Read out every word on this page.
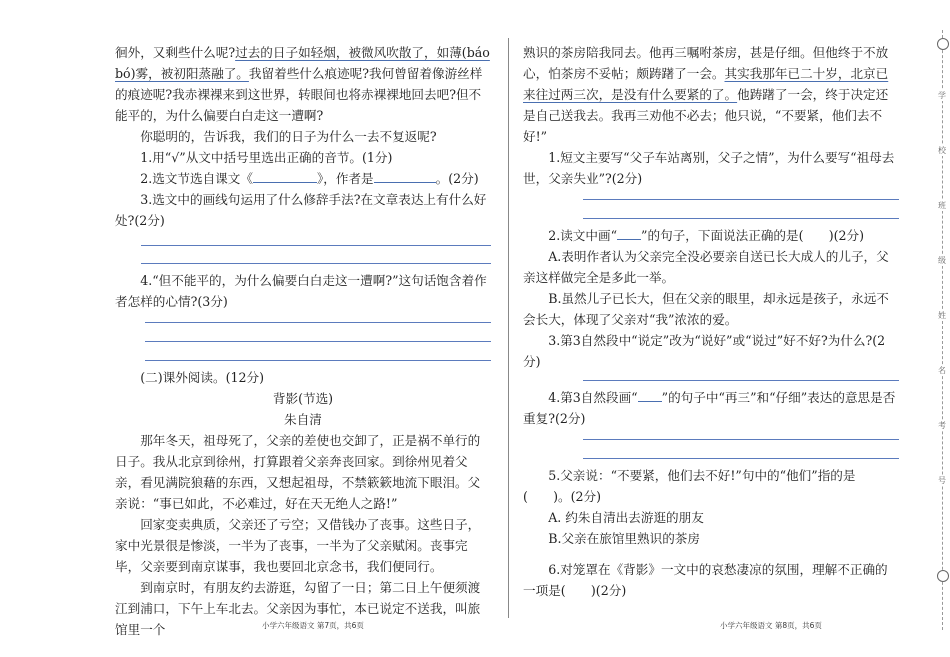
徊外，又剩些什么呢?过去的日子如轻烟，被微风吹散了，如薄(báo bó)雾，被初阳蒸融了。我留着些什么痕迹呢?我何曾留着像游丝样的痕迹呢?我赤裸裸来到这世界，转眼间也将赤裸裸地回去吧?但不能平的，为什么偏要白白走这一遭啊?

你聪明的，告诉我，我们的日子为什么一去不复返呢?

1.用“√”从文中括号里选出正确的音节。(1分)

2.选文节选自课文《	》，作者是	。(2分)

3.选文中的画线句运用了什么修辞手法?在文章表达上有什么好处?(2分)

4.“但不能平的，为什么偏要白白走这一遭啊?”这句话饱含着作者怎样的心情?(3分)

(二)课外阅读。(12分)

背影(节选)

朱自清

那年冬天，祖母死了，父亲的差使也交卸了，正是祸不单行的日子。我从北京到徐州，打算跟着父亲奔丧回家。到徐州见着父亲，看见满院狼藉的东西，又想起祖母，不禁簌簌地流下眼泪。父亲说：“事已如此，不必难过，好在天无绝人之路!”

回家变卖典质，父亲还了亏空；又借钱办了丧事。这些日子，家中光景很是惨淡，一半为了丧事，一半为了父亲赋闲。丧事完毕，父亲要到南京谋事，我也要回北京念书，我们便同行。

到南京时，有朋友约去游逛，勾留了一日；第二日上午便须渡江到浦口，下午上车北去。父亲因为事忙，本已说定不送我，叫旅馆里一个

熟识的茶房陪我同去。他再三嘱咐茶房，甚是仔细。但他终于不放心，怕茶房不妥帖；颇踌躇了一会。其实我那年已二十岁，北京已来往过两三次，是没有什么要紧的了。他踌躇了一会，终于决定还是自己送我去。我再三劝他不必去；他只说，“不要紧，他们去不好!”

1.短文主要写“父子车站离别，父子之情”，为什么要写“祖母去世，父亲失业”?(2分)

2.读文中画“ ”的句子，下面说法正确的是(　　)(2分)

A.表明作者认为父亲完全没必要亲自送已长大成人的儿子，父亲这样做完全是多此一举。

B.虽然儿子已长大，但在父亲的眼里，却永远是孩子，永远不会长大，体现了父亲对“我”浓浓的爱。

3.第3自然段中“说定”改为“说好”或“说过”好不好?为什么?(2分)

4.第3自然段画“ ”的句子中“再三”和“仔细”表达的意思是否重复?(2分)

5.父亲说：“不要紧，他们去不好!”句中的“他们”指的是(　　)。(2分)

A. 约朱自清出去游逛的朋友

B.父亲在旅馆里熟识的茶房

6.对笼罩在《背影》一文中的哀愁凄凉的氛围，理解不正确的一项是(　　)(2分)

小学六年级语文 第7页，共6页	小学六年级语文 第8页，共6页
学
校
班
级
姓
名
考
号
